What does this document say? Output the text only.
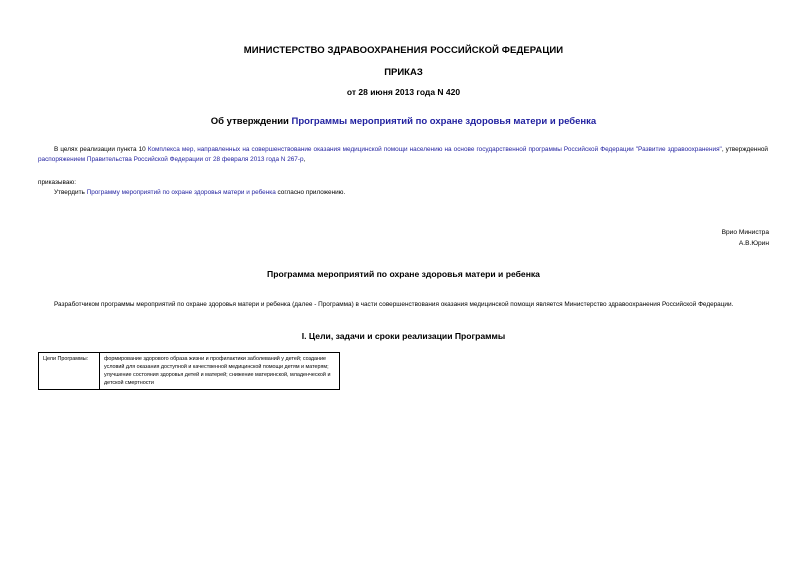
МИНИСТЕРСТВО ЗДРАВООХРАНЕНИЯ РОССИЙСКОЙ ФЕДЕРАЦИИ
ПРИКАЗ
от 28 июня 2013 года N 420
Об утверждении Программы мероприятий по охране здоровья матери и ребенка
В целях реализации пункта 10 Комплекса мер, направленных на совершенствование оказания медицинской помощи населению на основе государственной программы Российской Федерации "Развитие здравоохранения", утвержденной распоряжением Правительства Российской Федерации от 28 февраля 2013 года N 267-р,
приказываю:
Утвердить Программу мероприятий по охране здоровья матери и ребенка согласно приложению.
Врио Министра
А.В.Юрин
Программа мероприятий по охране здоровья матери и ребенка
Разработчиком программы мероприятий по охране здоровья матери и ребенка (далее - Программа) в части совершенствования оказания медицинской помощи является Министерство здравоохранения Российской Федерации.
I. Цели, задачи и сроки реализации Программы
Цели Программы:	формирование здорового образа жизни и профилактики заболеваний у детей; создание условий для оказания доступной и качественной медицинской помощи детям и матерям; улучшение состояния здоровья детей и матерей; снижение материнской, младенческой и детской смертности
